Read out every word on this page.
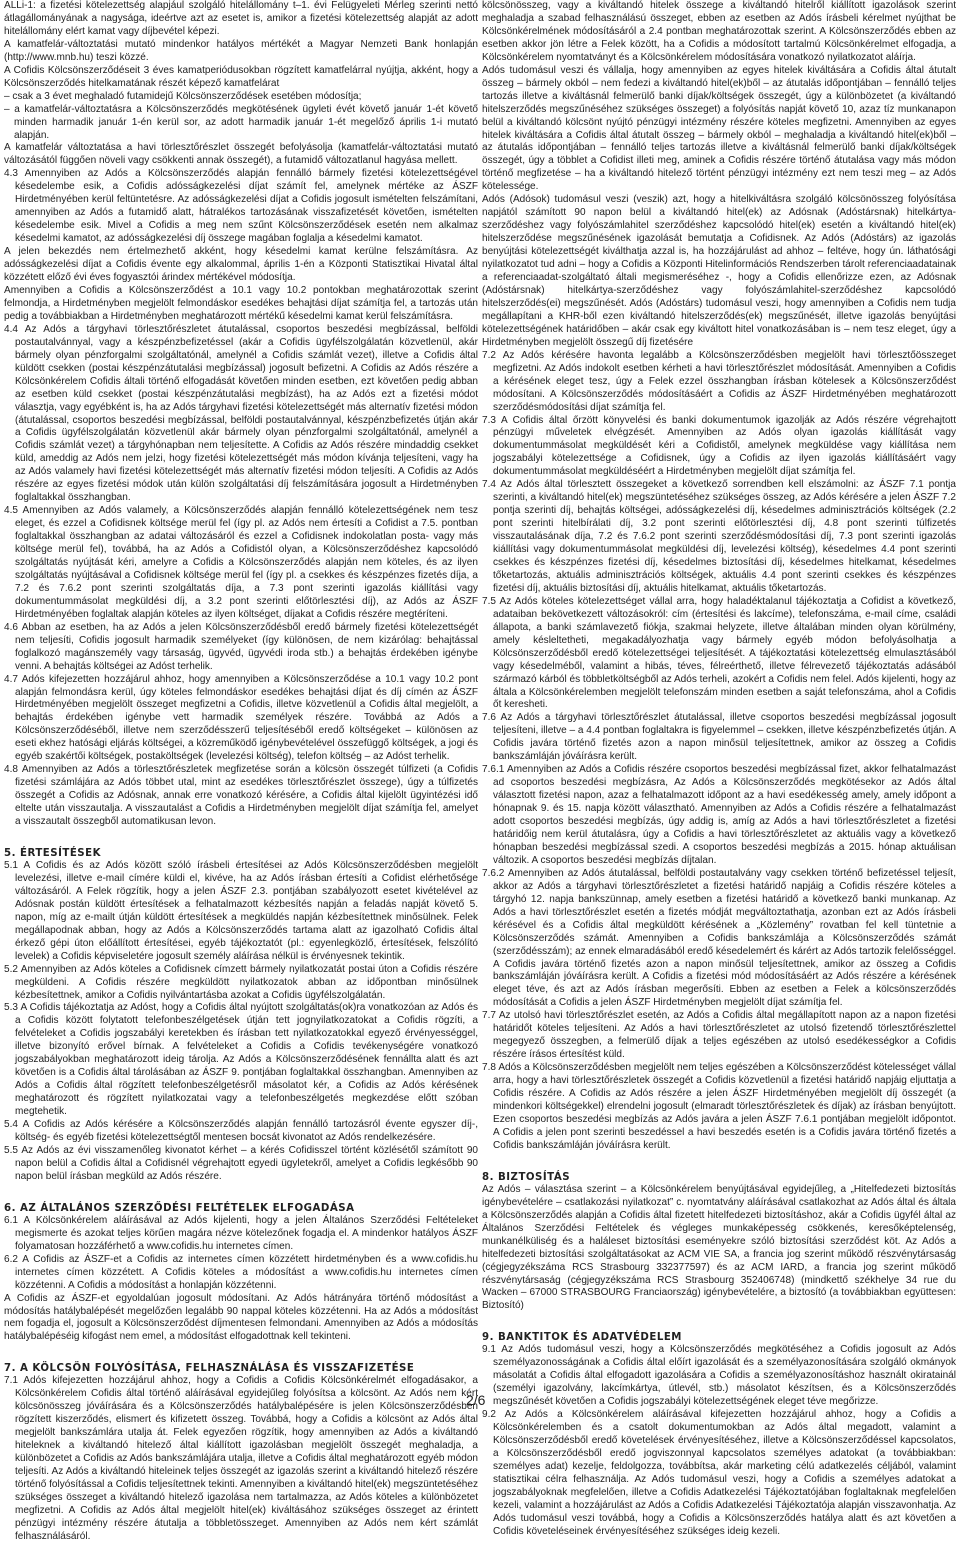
ALLi-1: a fizetési kötelezettség alapjául szolgáló hitelállomány t–1. évi Felügyeleti Mérleg szerinti nettó átlagállományának a nagysága, ideértve azt az esetet is, amikor a fizetési kötelezettség alapját az adott hitelállomány elért kamat vagy díjbevétel képezi.

A kamatfelár-változtatási mutató mindenkor hatályos mértékét a Magyar Nemzeti Bank honlapján (http://www.mnb.hu) teszi közzé.

A Cofidis Kölcsönszerződéseit 3 éves kamatperiódusokban rögzített kamatfelárral nyújtja, akként, hogy a Kölcsönszerződés hitelkamatának részét képező kamatfelárat

– csak a 3 évet meghaladó futamidejű Kölcsönszerződések esetében módosítja;

– a kamatfelár-változtatásra a Kölcsönszerződés megkötésének ügyleti évét követő január 1-ét követő minden harmadik január 1-én kerül sor, az adott harmadik január 1-ét megelőző április 1-i mutató alapján.

A kamatfelár változtatása a havi törlesztőrészlet összegét befolyásolja (kamatfelár-változtatási mutató változásától függően növeli vagy csökkenti annak összegét), a futamidő változatlanul hagyása mellett.

4.3 Amennyiben az Adós a Kölcsönszerződés alapján fennálló bármely fizetési kötelezettségével késedelembe esik, a Cofidis adósságkezelési díjat számít fel, amelynek mértéke az ÁSZF Hirdetményében kerül feltüntetésre. Az adósságkezelési díjat a Cofidis jogosult ismételten felszámítani, amennyiben az Adós a futamidő alatt, hátralékos tartozásának visszafizetését követően, ismételten késedelembe esik. Mivel a Cofidis a meg nem szűnt Kölcsönszerződések esetén nem alkalmaz késedelmi kamatot, az adósságkezelési díj összege magában foglalja a késedelmi kamatot.

A jelen bekezdés nem értelmezhető akként, hogy késedelmi kamat kerülne felszámításra. Az adósságkezelési díjat a Cofidis évente egy alkalommal, április 1-én a Központi Statisztikai Hivatal által közzétett előző évi éves fogyasztói árindex mértékével módosítja.

Amennyiben a Cofidis a Kölcsönszerződést a 10.1 vagy 10.2 pontokban meghatározottak szerint felmondja, a Hirdetményben megjelölt felmondáskor esedékes behajtási díjat számítja fel, a tartozás után pedig a továbbiakban a Hirdetményben meghatározott mértékű késedelmi kamat kerül felszámításra.

4.4 Az Adós a tárgyhavi törlesztőrészletet átutalással, csoportos beszedési megbízással, belföldi postautalvánnyal, vagy a készpénzbefizetéssel (akár a Cofidis ügyfélszolgálatán közvetlenül, akár bármely olyan pénzforgalmi szolgáltatónál, amelynél a Cofidis számlát vezet), illetve a Cofidis által küldött csekken (postai készpénzátutalási megbízással) jogosult befizetni. A Cofidis az Adós részére a Kölcsönkérelem Cofidis általi történő elfogadását követően minden esetben, ezt követően pedig abban az esetben küld csekket (postai készpénzátutalási megbízást), ha az Adós ezt a fizetési módot választja, vagy egyébként is, ha az Adós tárgyhavi fizetési kötelezettségét más alternatív fizetési módon (átutalással, csoportos beszedési megbízással, belföldi postautalvánnyal, készpénzbefizetés útján akár a Cofidis ügyfélszolgálatán közvetlenül akár bármely olyan pénzforgalmi szolgáltatónál, amelynél a Cofidis számlát vezet) a tárgyhónapban nem teljesítette. A Cofidis az Adós részére mindaddig csekket küld, ameddig az Adós nem jelzi, hogy fizetési kötelezettségét más módon kívánja teljesíteni, vagy ha az Adós valamely havi fizetési kötelezettségét más alternatív fizetési módon teljesíti. A Cofidis az Adós részére az egyes fizetési módok után külön szolgáltatási díj felszámítására jogosult a Hirdetményben foglaltakkal összhangban.

4.5 Amennyiben az Adós valamely, a Kölcsönszerződés alapján fennálló kötelezettségének nem tesz eleget, és ezzel a Cofidisnek költsége merül fel (így pl. az Adós nem értesíti a Cofidist a 7.5. pontban foglaltakkal összhangban az adatai változásáról és ezzel a Cofidisnek indokolatlan posta- vagy más költsége merül fel), továbbá, ha az Adós a Cofidistól olyan, a Kölcsönszerződéshez kapcsolódó szolgáltatás nyújtását kéri, amelyre a Cofidis a Kölcsönszerződés alapján nem köteles, és az ilyen szolgáltatás nyújtásával a Cofidisnek költsége merül fel (így pl. a csekkes és készpénzes fizetés díja, a 7.2 és 7.6.2 pont szerinti szolgáltatás díja, a 7.3 pont szerinti igazolás kiállítási vagy dokumentummásolat megküldési díj, a 3.2 pont szerinti előtörlesztési díj), az Adós az ÁSZF Hirdetményében foglaltak alapján köteles az ilyen költséget, díjakat a Cofidis részére megtéríteni.

4.6 Abban az esetben, ha az Adós a jelen Kölcsönszerződésből eredő bármely fizetési kötelezettségét nem teljesíti, Cofidis jogosult harmadik személyeket (így különösen, de nem kizárólag: behajtással foglalkozó magánszemély vagy társaság, ügyvéd, ügyvédi iroda stb.) a behajtás érdekében igénybe venni. A behajtás költségei az Adóst terhelik.

4.7 Adós kifejezetten hozzájárul ahhoz, hogy amennyiben a Kölcsönszerződése a 10.1 vagy 10.2 pont alapján felmondásra kerül, úgy köteles felmondáskor esedékes behajtási díjat és díj címén az ÁSZF Hirdetményében megjelölt összeget megfizetni a Cofidis, illetve közvetlenül a Cofidis által megjelölt, a behajtás érdekében igénybe vett harmadik személyek részére. Továbbá az Adós a Kölcsönszerződéséből, illetve nem szerződésszerű teljesítéséből eredő költségeket – különösen az eseti ekhez hatósági eljárás költségei, a közreműködő igénybevételével összefüggő költségek, a jogi és egyéb szakértői költségek, postaköltségek (levelezési költség), telefon költség – az Adóst terhelik.

4.8 Amennyiben az Adós a törlesztőrészletek megfizetése során a kölcsön összegét túlfizeti (a Cofidis fizetési számlájára az Adós többet utal, mint az esedékes törlesztőrészlet összege), úgy a túlfizetés összegét a Cofidis az Adósnak, annak erre vonatkozó kérésére, a Cofidis által kijelölt ügyintézési idő eltelte után visszautalja. A visszautalást a Cofidis a Hirdetményben megjelölt díjat számítja fel, amelyet a visszautalt összegből automatikusan levon.

5. ÉRTESÍTÉSEK

5.1 A Cofidis és az Adós között szóló írásbeli értesítései az Adós Kölcsönszerződésben megjelölt levelezési, illetve e-mail címére küldi el, kivéve, ha az Adós írásban értesíti a Cofidist elérhetősége változásáról. A Felek rögzítik, hogy a jelen ÁSZF 2.3. pontjában szabályozott esetet kivételével az Adósnak postán küldött értesítések a felhatalmazott kézbesítés napján a feladás napját követő 5. napon, míg az e-mailt útján küldött értesítések a megküldés napján kézbesítettnek minősülnek. Felek megállapodnak abban, hogy az Adós a Kölcsönszerződés tartama alatt az igazolható Cofidis által érkező gépi úton előállított értesítései, egyéb tájékoztatót (pl.: egyenlegközlő, értesítések, felszólító levelek) a Cofidis képviseletére jogosult személy aláírása nélkül is érvényesnek tekintik.

5.2 Amennyiben az Adós köteles a Cofidisnek címzett bármely nyilatkozatát postai úton a Cofidis részére megküldeni. A Cofidis részére megküldött nyilatkozatok abban az időpontban minősülnek kézbesítettnek, amikor a Cofidis nyilvántartásba azokat a Cofidis ügyfélszolgálatán.

5.3 A Cofidis tájékoztatja az Adóst, hogy a Cofidis által nyújtott szolgáltatás(ok)ra vonatkozóan az Adós és a Cofidis között folytatott telefonbeszélgetések útján tett jognyilatkozatokat a Cofidis rögzíti, a felvételeket a Cofidis jogszabályi keretekben és írásban tett nyilatkozatokkal egyező érvényességgel, illetve bizonyító erővel bírnak. A felvételeket a Cofidis a Cofidis tevékenységére vonatkozó jogszabályokban meghatározott ideig tárolja. Az Adós a Kölcsönszerződésének fennállta alatt és azt követően is a Cofidis által tárolásában az ÁSZF 9. pontjában foglaltakkal összhangban. Amennyiben az Adós a Cofidis által rögzített telefonbeszélgetésről másolatot kér, a Cofidis az Adós kérésének meghatározott és rögzített nyilatkozatai vagy a telefonbeszélgetés megkezdése előtt szóban megtehetik.

5.4 A Cofidis az Adós kérésére a Kölcsönszerződés alapján fennálló tartozásról évente egyszer díj-, költség- és egyéb fizetési kötelezettségtől mentesen bocsát kivonatot az Adós rendelkezésére.

5.5 Az Adós az évi visszamenőleg kivonatot kérhet – a kérés Cofidisszel történt közlésétől számított 90 napon belül a Cofidis által a Cofidisnél végrehajtott egyedi ügyletekről, amelyet a Cofidis legkésőbb 90 napon belül írásban megküld az Adós részére.

6. AZ ÁLTALÁNOS SZERZŐDÉSI FELTÉTELEK ELFOGADÁSA

6.1 A Kölcsönkérelem aláírásával az Adós kijelenti, hogy a jelen Általános Szerződési Feltételeket megismerte és azokat teljes körűen magára nézve kötelezőnek fogadja el. A mindenkor hatályos ÁSZF folyamatosan hozzáférhető a www.cofidis.hu internetes címen.

6.2 A Cofidis az ÁSZF-et a Cofidis az internetes címen közzétett hirdetményben és a www.cofidis.hu internetes címen közzétett. A Cofidis köteles a módosítást a www.cofidis.hu internetes címen közzétenni. A Cofidis a módosítást a honlapján közzétenni.

A Cofidis az ÁSZF-et egyoldalúan jogosult módosítani. Az Adós hátrányára történő módosítást a módosítás hatálybalépését megelőzően legalább 90 nappal köteles közzétenni. Ha az Adós a módosítást nem fogadja el, jogosult a Kölcsönszerződést díjmentesen felmondani. Amennyiben az Adós a módosítás hatálybalépéséig kifogást nem emel, a módosítást elfogadottnak kell tekinteni.

7. A KÖLCSÖN FOLYÓSÍTÁSA, FELHASZNÁLÁSA ÉS VISSZAFIZETÉSE

7.1 Adós kifejezetten hozzájárul ahhoz, hogy a Cofidis a Cofidis Kölcsönkérelmét elfogadásakor, a Kölcsönkérelem Cofidis által történő aláírásával egyidejűleg folyósítsa a kölcsönt. Az Adós nem kért kölcsönösszeg jóváírására és a Kölcsönszerződés hatálybalépésére is jelen Kölcsönszerződésben rögzített kiszerződés, elismert és kifizetett összeg. Továbbá, hogy a Cofidis a kölcsönt az Adós által megjelölt bankszámlára utalja át. Felek egyezően rögzítik, hogy amennyiben az Adós a kiváltandó hiteleknek a kiváltandó hitelező által kiállított igazolásban megjelölt összegét meghaladja, a különbözetet a Cofidis az Adós bankszámlájára utalja, illetve a Cofidis által meghatározott egyéb módon teljesíti. Az Adós a kiváltandó hiteleinek teljes összegét az igazolás szerint a kiváltandó hitelező részére történő folyósítással a Cofidis teljesítettnek tekinti. Amennyiben a kiváltandó hitel(ek) megszüntetéséhez szükséges összeget a kiváltandó hitelező igazolása nem tartalmazza, az Adós köteles a különbözetet megfizetni. A Cofidis az Adós által megjelölt hitel(ek) kiváltásához szükséges összeget az érintett pénzügyi intézmény részére átutalja a többletösszeget. Amennyiben az Adós nem kért számlát felhasználásáról.

kölcsönösszeg, vagy a kiváltandó hitelek összege a kiváltandó hitelről kiállított igazolások szerint meghaladja a szabad felhasználású összeget, ebben az esetben az Adós írásbeli kérelmet nyújthat be Kölcsönkérelmének módosításáról a 2.4 pontban meghatározottak szerint. A Kölcsönszerződés ebben az esetben akkor jön létre a Felek között, ha a Cofidis a módosított tartalmú Kölcsönkérelmet elfogadja, a Kölcsönkérelem nyomtatványt és a Kölcsönkérelem módosítására vonatkozó nyilatkozatot aláírja.

Adós tudomásul veszi és vállalja, hogy amennyiben az egyes hitelek kiváltására a Cofidis által átutalt összeg – bármely okból – nem fedezi a kiváltandó hitel(ek)ből – az átutalás időpontjában – fennálló teljes tartozás illetve a kiváltásnál felmerülő banki díjak/költségek összegét, úgy a különbözetet (a kiváltandó hitelszerződés megszűnéséhez szükséges összeget) a folyósítás napját követő 10, azaz tíz munkanapon belül a kiváltandó kölcsönt nyújtó pénzügyi intézmény részére köteles megfizetni. Amennyiben az egyes hitelek kiváltására a Cofidis által átutalt összeg – bármely okból – meghaladja a kiváltandó hitel(ek)ből – az átutalás időpontjában – fennálló teljes tartozás illetve a kiváltásnál felmerülő banki díjak/költségek összegét, úgy a többlet a Cofidist illeti meg, aminek a Cofidis részére történő átutalása vagy más módon történő megfizetése – ha a kiváltandó hitelező történt pénzügyi intézmény ezt nem teszi meg – az Adós kötelessége.

Adós (Adósok) tudomásul veszi (veszik) azt, hogy a hitelkiváltásra szolgáló kölcsönösszeg folyósítása napjától számított 90 napon belül a kiváltandó hitel(ek) az Adósnak (Adóstársnak) hitelkártya-szerződéshez vagy folyószámlahitel szerződéshez kapcsolódó hitel(ek) esetén a kiváltandó hitel(ek) hitelszerződése megszűnésének igazolását bemutatja a Cofidisnek. Az Adós (Adóstárs) az igazolás benyújtási kötelezettségét kiválthatja azzal is, ha hozzájárulást ad ahhoz – feltéve, hogy ún. láthatósági nyilatkozatot tud adni – hogy a Cofidis a Központi Hitelinformációs Rendszerben tárolt referenciaadatainak a referenciaadat-szolgáltató általi megismeréséhez -, hogy a Cofidis ellenőrizze ezen, az Adósnak (Adóstársnak) hitelkártya-szerződéshez vagy folyószámlahitel-szerződéshez kapcsolódó hitelszerződés(ei) megszűnését. Adós (Adóstárs) tudomásul veszi, hogy amennyiben a Cofidis nem tudja megállapítani a KHR-ből ezen kiváltandó hitelszerződés(ek) megszűnését, illetve igazolás benyújtási kötelezettségének határidőben – akár csak egy kiváltott hitel vonatkozásában is – nem tesz eleget, úgy a Hirdetményben megjelölt összegű díj fizetésére

7.2 Az Adós kérésére havonta legalább a Kölcsönszerződésben megjelölt havi törlesztőösszeget megfizetni. Az Adós indokolt esetben kérheti a havi törlesztőrészlet módosítását. Amennyiben a Cofidis a kérésének eleget tesz, úgy a Felek ezzel összhangban írásban kötelesek a Kölcsönszerződést módosítani. A Kölcsönszerződés módosításáért a Cofidis az ÁSZF Hirdetményében meghatározott szerződésmódosítási díjat számítja fel.

7.3 A Cofidis által őrzött könyvelési és banki dokumentumok igazolják az Adós részére végrehajtott pénzügyi műveletek elvégzését. Amennyiben az Adós olyan igazolás kiállítását vagy dokumentummásolat megküldését kéri a Cofidistől, amelynek megküldése vagy kiállítása nem jogszabályi kötelezettsége a Cofidisnek, úgy a Cofidis az ilyen igazolás kiállításáért vagy dokumentummásolat megküldéséért a Hirdetményben megjelölt díjat számítja fel.

7.4 Az Adós által törlesztett összegeket a következő sorrendben kell elszámolni: az ÁSZF 7.1 pontja szerinti, a kiváltandó hitel(ek) megszüntetéséhez szükséges összeg, az Adós kérésére a jelen ÁSZF 7.2 pontja szerinti díj, behajtás költségei, adósságkezelési díj, késedelmes adminisztrációs költségek (2.2 pont szerinti hitelbírálati díj, 3.2 pont szerinti előtörlesztési díj, 4.8 pont szerinti túlfizetés visszautalásának díja, 7.2 és 7.6.2 pont szerinti szerződésmódosítási díj, 7.3 pont szerinti igazolás kiállítási vagy dokumentummásolat megküldési díj, levelezési költség), késedelmes 4.4 pont szerinti csekkes és készpénzes fizetési díj, késedelmes biztosítási díj, késedelmes hitelkamat, késedelmes tőketartozás, aktuális adminisztrációs költségek, aktuális 4.4 pont szerinti csekkes és készpénzes fizetési díj, aktuális biztosítási díj, aktuális hitelkamat, aktuális tőketartozás.

7.5 Az Adós köteles kötelezettséget vállal arra, hogy haladéktalanul tájékoztatja a Cofidist a következő, adataiban bekövetkezett változásokról: cím (értesítési és lakcíme), telefonszáma, e-mail címe, családi állapota, a banki számlavezető fiókja, szakmai helyzete, illetve általában minden olyan körülmény, amely késleltetheti, megakadályozhatja vagy bármely egyéb módon befolyásolhatja a Kölcsönszerződésből eredő kötelezettségei teljesítését. A tájékoztatási kötelezettség elmulasztásából vagy késedelméből, valamint a hibás, téves, félreérthető, illetve félrevezető tájékoztatás adásából származó kárból és többletköltségből az Adós terheli, azokért a Cofidis nem felel. Adós kijelenti, hogy az általa a Kölcsönkérelemben megjelölt telefonszám minden esetben a saját telefonszáma, ahol a Cofidis őt keresheti.

7.6 Az Adós a tárgyhavi törlesztőrészlet átutalással, illetve csoportos beszedési megbízással jogosult teljesíteni, illetve – a 4.4 pontban foglaltakra is figyelemmel – csekken, illetve készpénzbefizetés útján. A Cofidis javára történő fizetés azon a napon minősül teljesítettnek, amikor az összeg a Cofidis bankszámláján jóváírásra került.

7.6.1 Amennyiben az Adós a Cofidis részére csoportos beszedési megbízással fizet, akkor felhatalmazást ad csoportos beszedési megbízásra, Az Adós a Kölcsönszerződés megkötésekor az Adós által választott fizetési napon, azaz a felhatalmazott időpont az a havi esedékesség amely, amely időpont a hónapnak 9. és 15. napja között választható. Amennyiben az Adós a Cofidis részére a felhatalmazást adott csoportos beszedési megbízás, úgy addig is, amíg az Adós a havi törlesztőrészletet a fizetési határidőig nem kerül átutalásra, úgy a Cofidis a havi törlesztőrészletet az aktuális vagy a következő hónapban beszedési megbízással szedi. A csoportos beszedési megbízás a 2015. hónap aktuálisan változik. A csoportos beszedési megbízás díjtalan.

7.6.2 Amennyiben az Adós átutalással, belföldi postautalvány vagy csekken történő befizetéssel teljesít, akkor az Adós a tárgyhavi törlesztőrészletet a fizetési határidő napjáig a Cofidis részére köteles a tárgyhó 12. napja bankszünnap, amely esetben a fizetési határidő a következő banki munkanap. Az Adós a havi törlesztőrészlet esetén a fizetés módját megváltoztathatja, azonban ezt az Adós írásbeli kérésével és a Cofidis által megküldött kérésének a „Közlemény” rovatban fel kell tüntetnie a Kölcsönszerződés számát. Amennyiben a Cofidis bankszámlája a Kölcsönszerződés számát (szerződésszám); az ennek elmaradásából eredő késedelemért és kárért az Adós tartozik felelősséggel. A Cofidis javára történő fizetés azon a napon minősül teljesítettnek, amikor az összeg a Cofidis bankszámláján jóváírásra került. A Cofidis a fizetési mód módosításáért az Adós részére a kérésének eleget téve, és azt az Adós írásban megerősíti. Ebben az esetben a Felek a kölcsönszerződés módosítását a Cofidis a jelen ÁSZF Hirdetményben megjelölt díjat számítja fel.

7.7 Az utolsó havi törlesztőrészlet esetén, az Adós a Cofidis által megállapított napon az a napon fizetési határidőt köteles teljesíteni. Az Adós a havi törlesztőrészletet az utolsó fizetendő törlesztőrészlettel megegyező összegben, a felmerülő díjak a teljes egészében az utolsó esedékességkor a Cofidis részére írásos értesítést küld.

7.8 Adós a Kölcsönszerződésben megjelölt nem teljes egészében a Kölcsönszerződést kötelességet vállal arra, hogy a havi törlesztőrészletek összegét a Cofidis közvetlenül a fizetési határidő napjáig eljuttatja a Cofidis részére. A Cofidis az Adós részére a jelen ÁSZF Hirdetményében megjelölt díj összegét (a mindenkori költségekkel) elrendelni jogosult (elmaradt törlesztőrészletek és díjak) az írásban benyújtott. Ezen csoportos beszedési megbízás az Adós javára a jelen ÁSZF 7.6.1 pontjában megjelölt időpontot. A Cofidis a jelen pont szerinti beszedéssel a havi beszedés esetén is a Cofidis javára történő fizetés a Cofidis bankszámláján jóváírásra került.

8. BIZTOSÍTÁS

Az Adós – választása szerint – a Kölcsönkérelem benyújtásával egyidejűleg, a „Hitelfedezeti biztosítás igénybevételére – csatlakozási nyilatkozat” c. nyomtatvány aláírásával csatlakozhat az Adós által és általa a Kölcsönszerződés alapján a Cofidis által fizetett hitelfedezeti biztosításhoz, akár a Cofidis ügyfél által az Általános Szerződési Feltételek és végleges munkaképesség csökkenés, keresőképtelenség, munkanélküliség és a haláleset biztosítási eseményekre szóló biztosítási szerződést köt. Az Adós a hitelfedezeti biztosítási szolgáltatásokat az ACM VIE SA, a francia jog szerint működő részvénytársaság (cégjegyzékszáma RCS Strasbourg 332377597) és az ACM IARD, a francia jog szerint működő részvénytársaság (cégjegyzékszáma RCS Strasbourg 352406748) (mindkettő székhelye 34 rue du Wacken – 67000 STRASBOURG Franciaország) igénybevételére, a biztosító (a továbbiakban együttesen: Biztosító)

9. BANKTITOK ÉS ADATVÉDELEM

9.1 Az Adós tudomásul veszi, hogy a Kölcsönszerződés megkötéséhez a Cofidis jogosult az Adós személyazonosságának a Cofidis által előírt igazolását és a személyazonosítására szolgáló okmányok másolatát a Cofidis által elfogadott igazolására a Cofidis a személyazonosításhoz használt okiratainál (személyi igazolvány, lakcímkártya, útlevél, stb.) másolatot készítsen, és a Kölcsönszerződés megszűnését követően a Cofidis jogszabályi kötelezettségének eleget téve megőrizze.

9.2 Az Adós a Kölcsönkérelem aláírásával kifejezetten hozzájárul ahhoz, hogy a Cofidis a Kölcsönkérelemben és a csatolt dokumentumokban az Adós által megadott, valamint a Kölcsönszerződésből eredő követelések érvényesítéséhez, illetve a Kölcsönszerződéssel kapcsolatos, a Kölcsönszerződésből eredő jogviszonnyal kapcsolatos személyes adatokat (a továbbiakban: személyes adat) kezelje, feldolgozza, továbbítsa, akár marketing célú adatkezelés céljából, valamint statisztikai célra felhasználja. Az Adós tudomásul veszi, hogy a Cofidis a személyes adatokat a jogszabályoknak megfelelően, illetve a Cofidis Adatkezelési Tájékoztatójában foglaltaknak megfelelően kezeli, valamint a hozzájárulást az Adós a Cofidis Adatkezelési Tájékoztatója alapján visszavonhatja. Az Adós tudomásul veszi továbbá, hogy a Cofidis a Kölcsönszerződés hatálya alatt és azt követően a Cofidis követeléseinek érvényesítéséhez szükséges ideig kezeli.

2/6
